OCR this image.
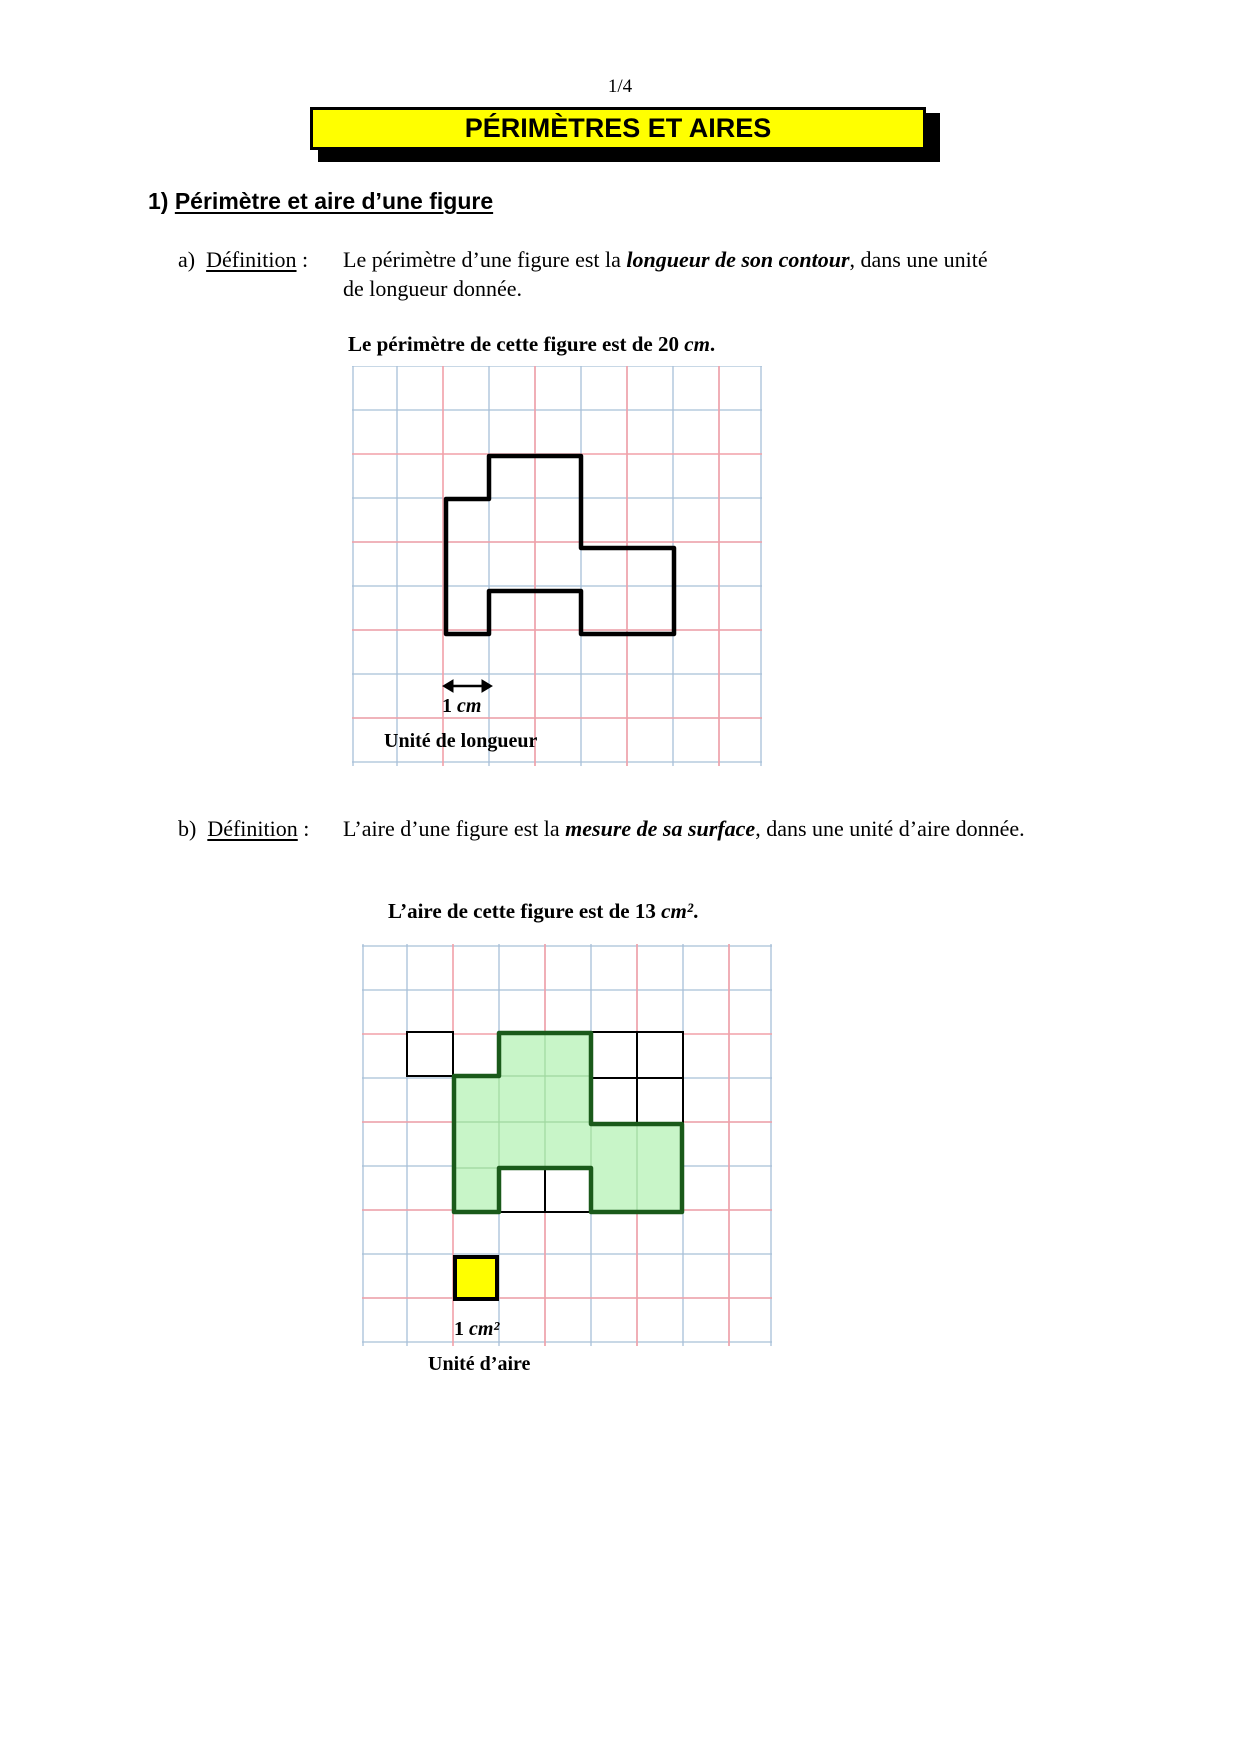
1/4
PÉRIMÈTRES ET AIRES
1) Périmètre et aire d’une figure
a) Définition : Le périmètre d’une figure est la longueur de son contour, dans une unité
de longueur donnée.
Le périmètre de cette figure est de 20 cm.
1 cm
Unité de longueur
b) Définition : L’aire d’une figure est la mesure de sa surface, dans une unité d’aire donnée.
L’aire de cette figure est de 13 cm².
1 cm²
Unité d’aire
